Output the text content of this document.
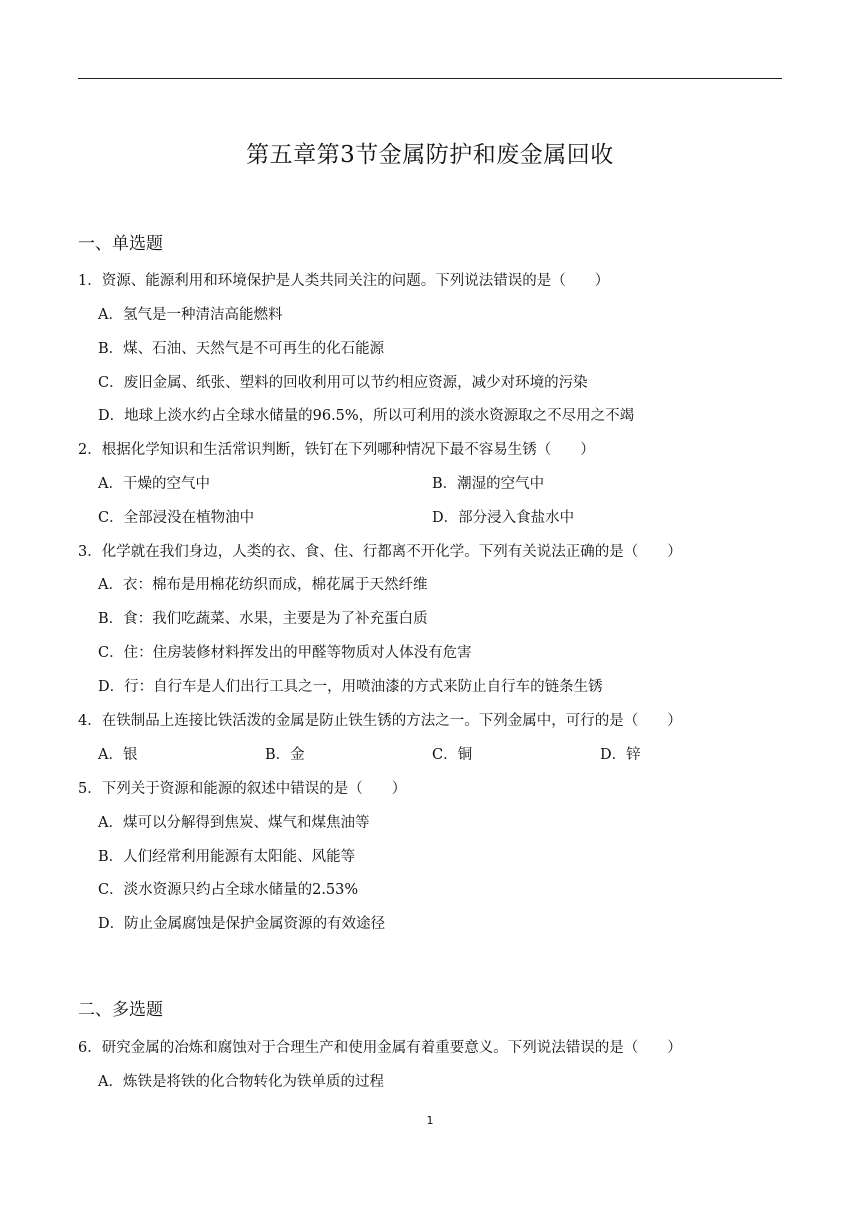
第五章第3节金属防护和废金属回收
一、单选题
1．资源、能源利用和环境保护是人类共同关注的问题。下列说法错误的是（　　）
A．氢气是一种清洁高能燃料
B．煤、石油、天然气是不可再生的化石能源
C．废旧金属、纸张、塑料的回收利用可以节约相应资源，减少对环境的污染
D．地球上淡水约占全球水储量的96.5%，所以可利用的淡水资源取之不尽用之不竭
2．根据化学知识和生活常识判断，铁钉在下列哪种情况下最不容易生锈（　　）
A．干燥的空气中	B．潮湿的空气中
C．全部浸没在植物油中	D．部分浸入食盐水中
3．化学就在我们身边，人类的衣、食、住、行都离不开化学。下列有关说法正确的是（　　）
A．衣：棉布是用棉花纺织而成，棉花属于天然纤维
B．食：我们吃蔬菜、水果，主要是为了补充蛋白质
C．住：住房装修材料挥发出的甲醛等物质对人体没有危害
D．行：自行车是人们出行工具之一，用喷油漆的方式来防止自行车的链条生锈
4．在铁制品上连接比铁活泼的金属是防止铁生锈的方法之一。下列金属中，可行的是（　　）
A．银	B．金	C．铜	D．锌
5．下列关于资源和能源的叙述中错误的是（　　）
A．煤可以分解得到焦炭、煤气和煤焦油等
B．人们经常利用能源有太阳能、风能等
C．淡水资源只约占全球水储量的2.53%
D．防止金属腐蚀是保护金属资源的有效途径
二、多选题
6．研究金属的冶炼和腐蚀对于合理生产和使用金属有着重要意义。下列说法错误的是（　　）
A．炼铁是将铁的化合物转化为铁单质的过程
1
